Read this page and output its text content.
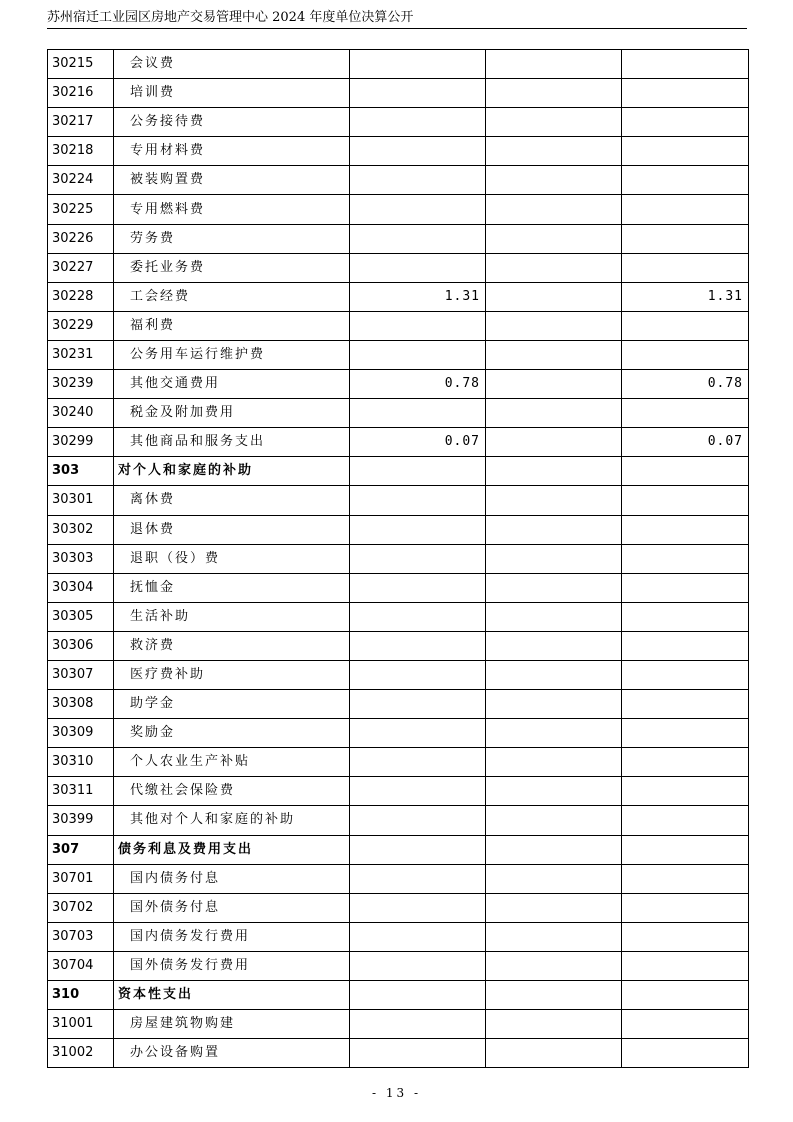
苏州宿迁工业园区房地产交易管理中心 2024 年度单位决算公开
30215	会议费			
30216	培训费			
30217	公务接待费			
30218	专用材料费			
30224	被装购置费			
30225	专用燃料费			
30226	劳务费			
30227	委托业务费			
30228	工会经费	1.31		1.31
30229	福利费			
30231	公务用车运行维护费			
30239	其他交通费用	0.78		0.78
30240	税金及附加费用			
30299	其他商品和服务支出	0.07		0.07
303	对个人和家庭的补助			
30301	离休费			
30302	退休费			
30303	退职（役）费			
30304	抚恤金			
30305	生活补助			
30306	救济费			
30307	医疗费补助			
30308	助学金			
30309	奖励金			
30310	个人农业生产补贴			
30311	代缴社会保险费			
30399	其他对个人和家庭的补助			
307	债务利息及费用支出			
30701	国内债务付息			
30702	国外债务付息			
30703	国内债务发行费用			
30704	国外债务发行费用			
310	资本性支出			
31001	房屋建筑物购建			
31002	办公设备购置			
- 13 -
